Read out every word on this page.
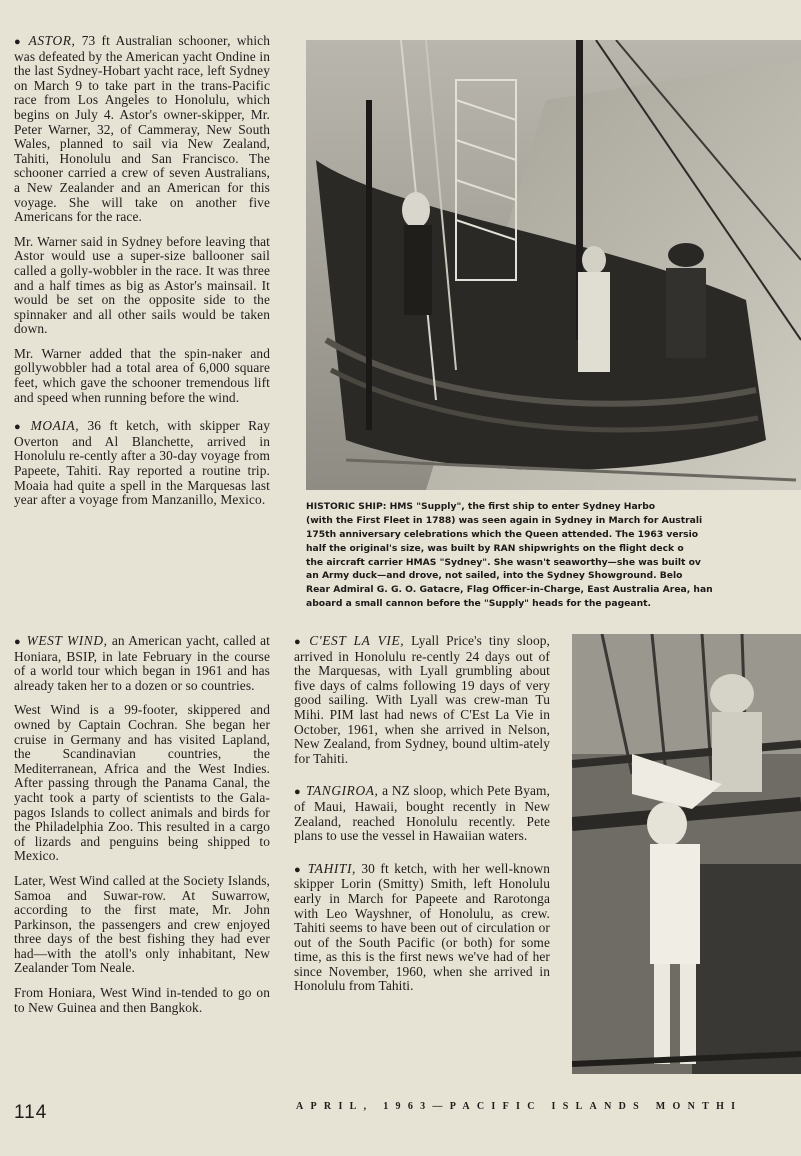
● ASTOR, 73 ft Australian schooner, which was defeated by the American yacht Ondine in the last Sydney-Hobart yacht race, left Sydney on March 9 to take part in the trans-Pacific race from Los Angeles to Honolulu, which begins on July 4. Astor's owner-skipper, Mr. Peter Warner, 32, of Cammeray, New South Wales, planned to sail via New Zealand, Tahiti, Honolulu and San Francisco. The schooner carried a crew of seven Australians, a New Zealander and an American for this voyage. She will take on another five Americans for the race.

Mr. Warner said in Sydney before leaving that Astor would use a super-size ballooner sail called a golly-wobbler in the race. It was three and a half times as big as Astor's mainsail. It would be set on the opposite side to the spinnaker and all other sails would be taken down.

Mr. Warner added that the spin-naker and gollywobbler had a total area of 6,000 square feet, which gave the schooner tremendous lift and speed when running before the wind.

● MOAIA, 36 ft ketch, with skipper Ray Overton and Al Blanchette, arrived in Honolulu re-cently after a 30-day voyage from Papeete, Tahiti. Ray reported a routine trip. Moaia had quite a spell in the Marquesas last year after a voyage from Manzanillo, Mexico.

● WEST WIND, an American yacht, called at Honiara, BSIP, in late February in the course of a world tour which began in 1961 and has already taken her to a dozen or so countries.

West Wind is a 99-footer, skippered and owned by Captain Cochran. She began her cruise in Germany and has visited Lapland, the Scandinavian countries, the Mediterranean, Africa and the West Indies. After passing through the Panama Canal, the yacht took a party of scientists to the Gala-pagos Islands to collect animals and birds for the Philadelphia Zoo. This resulted in a cargo of lizards and penguins being shipped to Mexico.

Later, West Wind called at the Society Islands, Samoa and Suwar-row. At Suwarrow, according to the first mate, Mr. John Parkinson, the passengers and crew enjoyed three days of the best fishing they had ever had—with the atoll's only inhabitant, New Zealander Tom Neale.

From Honiara, West Wind in-tended to go on to New Guinea and then Bangkok.

● C'EST LA VIE, Lyall Price's tiny sloop, arrived in Honolulu re-cently 24 days out of the Marquesas, with Lyall grumbling about five days of calms following 19 days of very good sailing. With Lyall was crew-man Tu Mihi. PIM last had news of C'Est La Vie in October, 1961, when she arrived in Nelson, New Zealand, from Sydney, bound ultim-ately for Tahiti.

● TANGIROA, a NZ sloop, which Pete Byam, of Maui, Hawaii, bought recently in New Zealand, reached Honolulu recently. Pete plans to use the vessel in Hawaiian waters.

● TAHITI, 30 ft ketch, with her well-known skipper Lorin (Smitty) Smith, left Honolulu early in March for Papeete and Rarotonga with Leo Wayshner, of Honolulu, as crew. Tahiti seems to have been out of circulation or out of the South Pacific (or both) for some time, as this is the first news we've had of her since November, 1960, when she arrived in Honolulu from Tahiti.

HISTORIC SHIP: HMS "Supply", the first ship to enter Sydney Harbo
(with the First Fleet in 1788) was seen again in Sydney in March for Australi
175th anniversary celebrations which the Queen attended. The 1963 versio
half the original's size, was built by RAN shipwrights on the flight deck o
the aircraft carrier HMAS "Sydney". She wasn't seaworthy—she was built ov
an Army duck—and drove, not sailed, into the Sydney Showground. Belo
Rear Admiral G. G. O. Gatacre, Flag Officer-in-Charge, East Australia Area, han
aboard a small cannon before the "Supply" heads for the pageant.
114	APRIL, 1963—PACIFIC ISLANDS MONTHI
